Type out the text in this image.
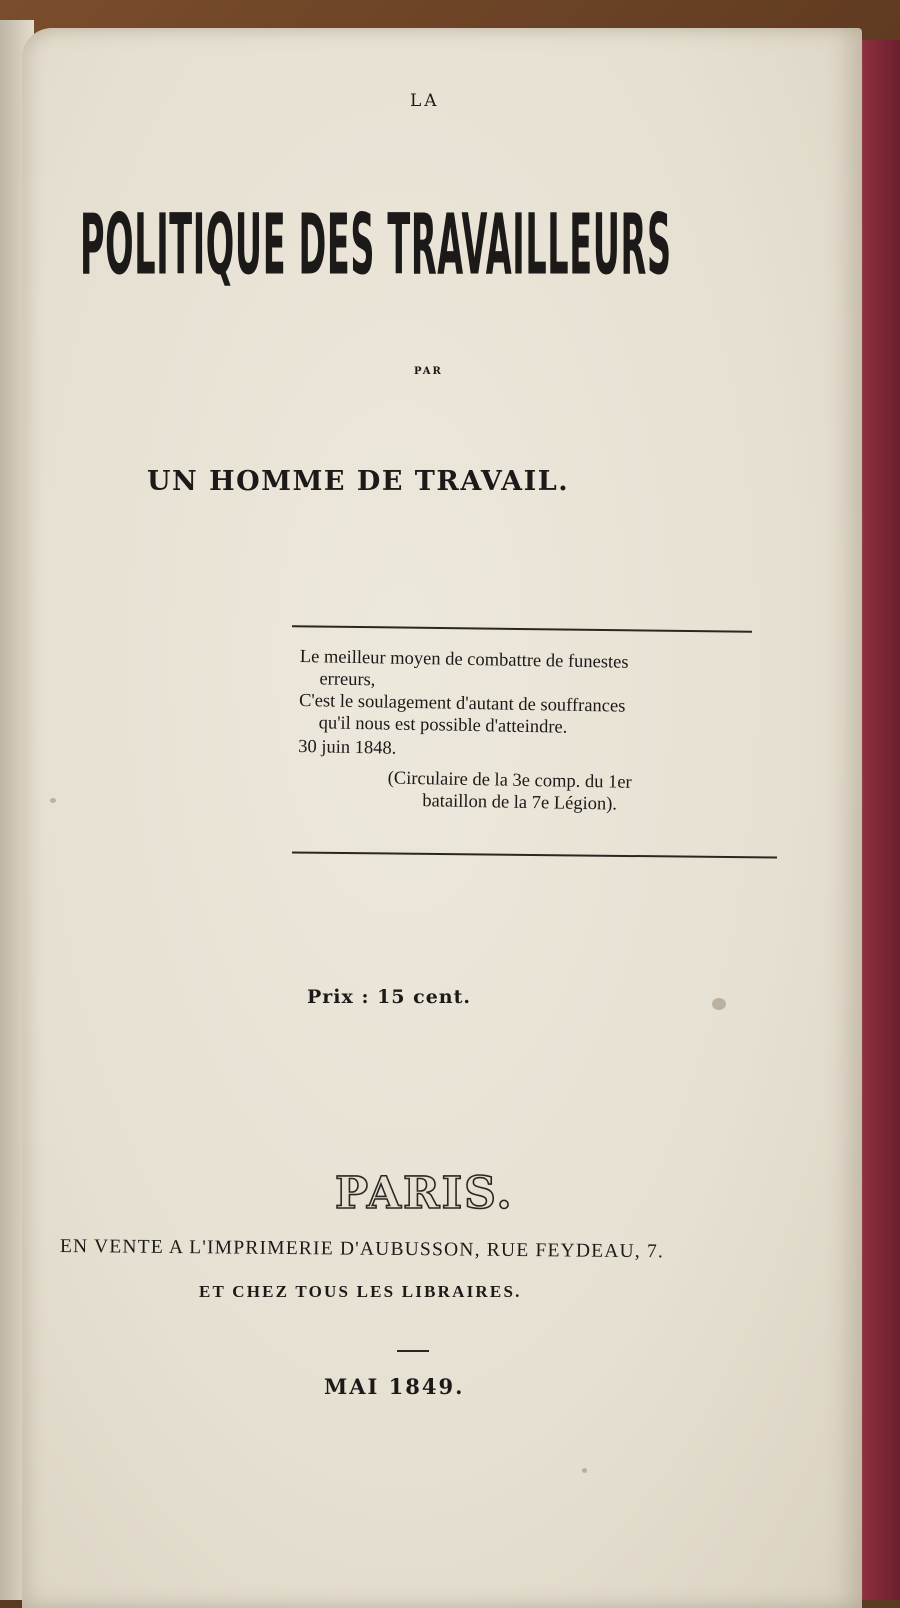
LA
POLITIQUE DES TRAVAILLEURS
PAR
UN HOMME DE TRAVAIL.
Le meilleur moyen de combattre de funestes
erreurs,
C'est le soulagement d'autant de souffrances
qu'il nous est possible d'atteindre.
30 juin 1848.
(Circulaire de la 3e comp. du 1er
bataillon de la 7e Légion).
Prix : 15 cent.
PARIS.
EN VENTE A L'IMPRIMERIE D'AUBUSSON, RUE FEYDEAU, 7.
ET CHEZ TOUS LES LIBRAIRES.
MAI 1849.
